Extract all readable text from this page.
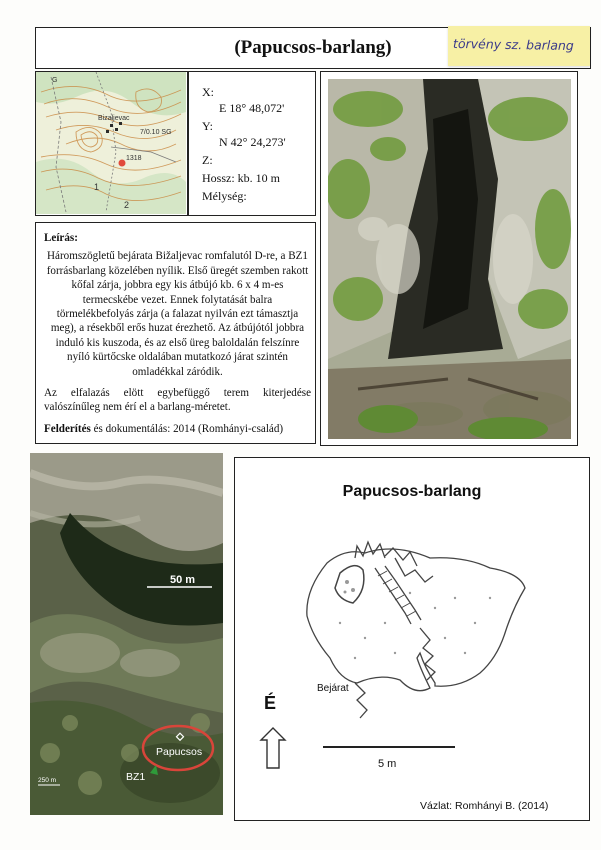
(Papucsos-barlang)	törvény sz. barlang
Bizaljevac
7/0.10 SG
1318
G
1
2
X:
E 18° 48,072'
Y:
N 42° 24,273'
Z:
Hossz: kb. 10 m
Mélység:
Leírás:

Háromszögletű bejárata Bižaljevac romfalutól D-re, a BZ1 forrásbarlang közelében nyílik. Első üregét szemben rakott kőfal zárja, jobbra egy kis átbújó kb. 6 x 4 m-es termecskébe vezet. Ennek folytatását balra törmelékbefolyás zárja (a falazat nyilván ezt támasztja meg), a résekből erős huzat érezhető. Az átbújótól jobbra induló kis kuszoda, és az első üreg baloldalán felszínre nyíló kürtőcske oldalában mutatkozó járat szintén omladékkal záródik.

Az elfalazás elött egybefüggő terem kiterjedése valószínűleg nem érí el a barlang-méretet.

Felderítés és dokumentálás: 2014 (Romhányi-család)

50 m
Papucsos
BZ1
250 m
Papucsos-barlang
Bejárat
É
5 m
Vázlat: Romhányi B. (2014)
